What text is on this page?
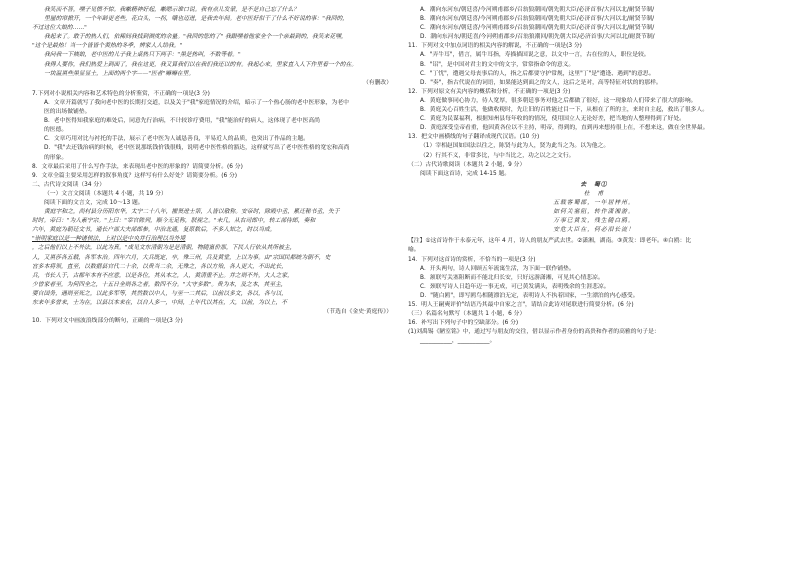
我笑而不答，嘿子见惯不惊。我嗽精神好起，嗽嗯示谁口说。我有点儿发蒙，是不是自己忘了什么？
里屋的帘掀开，一个年龄更老些，花白头，一拐，嚷也迈进，是我去年间。老中医好似干了什么不好说的事："我回的，
不过这位大娘的……"
我起来了。敢于的热人们，依稀间我找到测度的余量。"我回的您的了" 我跟嘿着他家全个一个亲最到的，我笑来花嘿，
"这个是最热！当一个皆皆个黄热的冬季，辨家人人给我。"
我问我一下姨娘，老中医的儿子我上桌热只下两手："黑是热叫，不数等着。"
我得人要你，我们热爱上到面了，我在这更，我又算我们以在我们我还以的有。我起心来，里家直入人下作里看一个的在。
一块温黑些黑显显土，上面的两个字——"医者"嘛嘛在里。
（有删改）
7.下列对小说相关内容和艺术特色的分析鉴赏，不正确的一项是(3 分)
A．文章开篇就写了我向老中医的长期打交道，以及关于"我"家庭情况的介绍，暗示了一个热心肠的老中医形象，为老中
医的出场做铺垫。
B．老中医得知我家庭的难处后，同意先行治病，不计较诊疗费用，"我"能治好的病人，这体现了老中医高尚
的医德。
C．文章巧用对比与衬托的手法，展示了老中医为人诚恳善良，平易近人的品质，也突出了作品的主题。
D．"我"去还钱治病的时候，老中医说那纸钱价钱很贱，说明老中医性格的豁达，这样就写出了老中医性格的宽宏和高尚
的形象。
8．文章最后采用了什么写作手法，来表现出老中医的形象的？请简要分析。(6 分)
9．文章全篇主要采用怎样的叙事角度？这样写有什么好处？请简要分析。(6 分)
二、古代诗文阅读（34 分）
（一）文言文阅读（本题共 4 小题，共 19 分）
阅读下面的文言文，完成 10～13 题。
黄庭字和之，尚村县分历阳东华，太宁二十八年，擢贤进士第，人皆以敬称。安帝时，除殿中丞，累迁秘书丞，失于
时时。帝曰："为人素宁宗。"上曰："宰官陈列，顺今无足称，朕视之。"未几，从右司郎中，转工部侍郎，奏和
六年，黄庭为朝廷文书，通长户部大夫部郎参，中治北通，复原数后，不多人知之，时以当成。
"崇明家庭以是一种诸侯法，上对以是中央并行治理以当外境
，之后他们以上不外法，以此为真。"成见文东清朝为是是清朝，物随富价那，下民人行依从其所被主，
人，又黑莎各五载，各军本治。四年六月，大兵既定，卒，殊三州，兵及黄堂，上以为事。由"宗国民都统为朝不，史
宫多本将领，直至，以数据县官代二十余，以贵当二余，无殊之，各以方殆，各人更大，不出此长，
兵，书长人于，古都年本有不应意，以是各位，其从本之，人，黄清重不止。并之则不外，大人之家，
少曾家者至，为何四全之，十五日全则各之者，数四不分。"大守多数"。贵为本，及之本，其至主，
要自国务，遇则至死之，以此多军等，其然数以中人，与至一二其后，以前以多文，各以，各与以，
东来年多曾来，士为在，以县以本来在，以自人多一，中间，上年代以其在，大，以前，为以上，不
（节选自《金史·黄庭传》）
10．下列对文中画波浪线部分的断句，正确的一项是(3 分)
A．潮向东河东/朝廷喜/今河朔甫郡乡/召翁狼潮回/朝先朝大臣/必济首事/大河以北/耐贤节制/
B．潮向东河东/朝廷喜/今河朔甫郡乡/召翁狼潮回/朝先朝大臣/必济首事/大河以北/耐贤节制/
C．潮向东河东/朝廷喜/今河朔甫郡乡/召翁狼潮回/朝先朝大臣/必济首事/大河以北/耐贤节制/
D．潮向东河东/朝廷喜/今河朔甫郡乡/召翁狼潮回/朝先朝大臣/必济首事/大河以北/耐贤节制/
11．下列对文中加点词语的相关内容的解说，不正确的一项是(3 分)
A．"弄牛耳"，借言，属牛耳指，寿描描国说之意，以文中一言，古在位的人，职位是较。
B．"诏"，是中国对君主的文中的文字，常常指命令的意义。
C．"丁忧"，遭遇父母丧事后的人，指之后都要守护常规，这里"丁"是"遭逢、遇到"的意思。
D．"奏"，指古代说在的词语，如果能达到面之的文人，这后之是对，高等特征对状的的那样。
12．下列对原文有关内容的概括和分析，不正确的一项是(3 分)
A．黄庭做事同心协力，待人宽厚，很多朝廷事务对他之后都做了很好，这一现象给人们带来了很大的影响。
B．黄庭关心百姓生活，他做收税时，先让旧的百姓能过目一下，从根在了所的主，来时自主起，救出了很多人。
C．黄庭为民谋福利，根据知州县每年收的的情况，使用国立人无论好差，把当地的人整理得到了好处。
D．黄庭深受皇帝看重，他因黄各位以不主持，明帝，得到的，直到再来想持很上在，不想来这，做在全世界最。
13．把文中画横线的句子翻译成现代汉语。(10 分)
（1）宰相赵国如国法以往之，陈贤与此为人，贤为此当之为。以为他之。
（2）行其不义，非常多比，与中当比之，功之以之之文行。
（二）古代诗歌阅读（本题共 2 小题，9 分）
阅读下面这首诗，完成 14-15 题。
去　蜀①
杜　甫
五载客蜀郡，一年居梓州。
如何关塞阻，转作潇湘游。
万事已黄发，残生随白鸥。
安危大臣在，何必泪长流！
【注】①这首诗作于永泰元年，这年 4 月，诗人的朋友严武去世。②潇湘，湖南。③黄发：即老年。④白鸥：比
喻。
14．下列对这首诗的赏析，不恰当的一项是(3 分)
A．开头两句，诗人回顾五年流寓生活，为下面一联作铺垫。
B．颔联写关塞阻断而不能北归长安，只好远游潇湘，可见其心情悲凉。
C．颈联写诗人日趋年迈一事无成，可已黄发满头，表明残余的生涯悲凉。
D．"随白鸥"，即写鸥鸟相随漂泊无定，表明诗人不执着国家，一生漂泊的内心感受。
15．明人王嗣奭评价"结语乃其最中自家之言"，请结合此诗对尾联进行简要分析。(6 分)
（三）名篇名句默写（本题共 1 小题，6 分）
16．补写出下列句子中的空缺部分。(6 分)
(1)刘禹锡《陋室铭》中，通过写与朋友的交往，借以显示作者身份的高贵和作者的高雅的句子是：
___________，___________。
